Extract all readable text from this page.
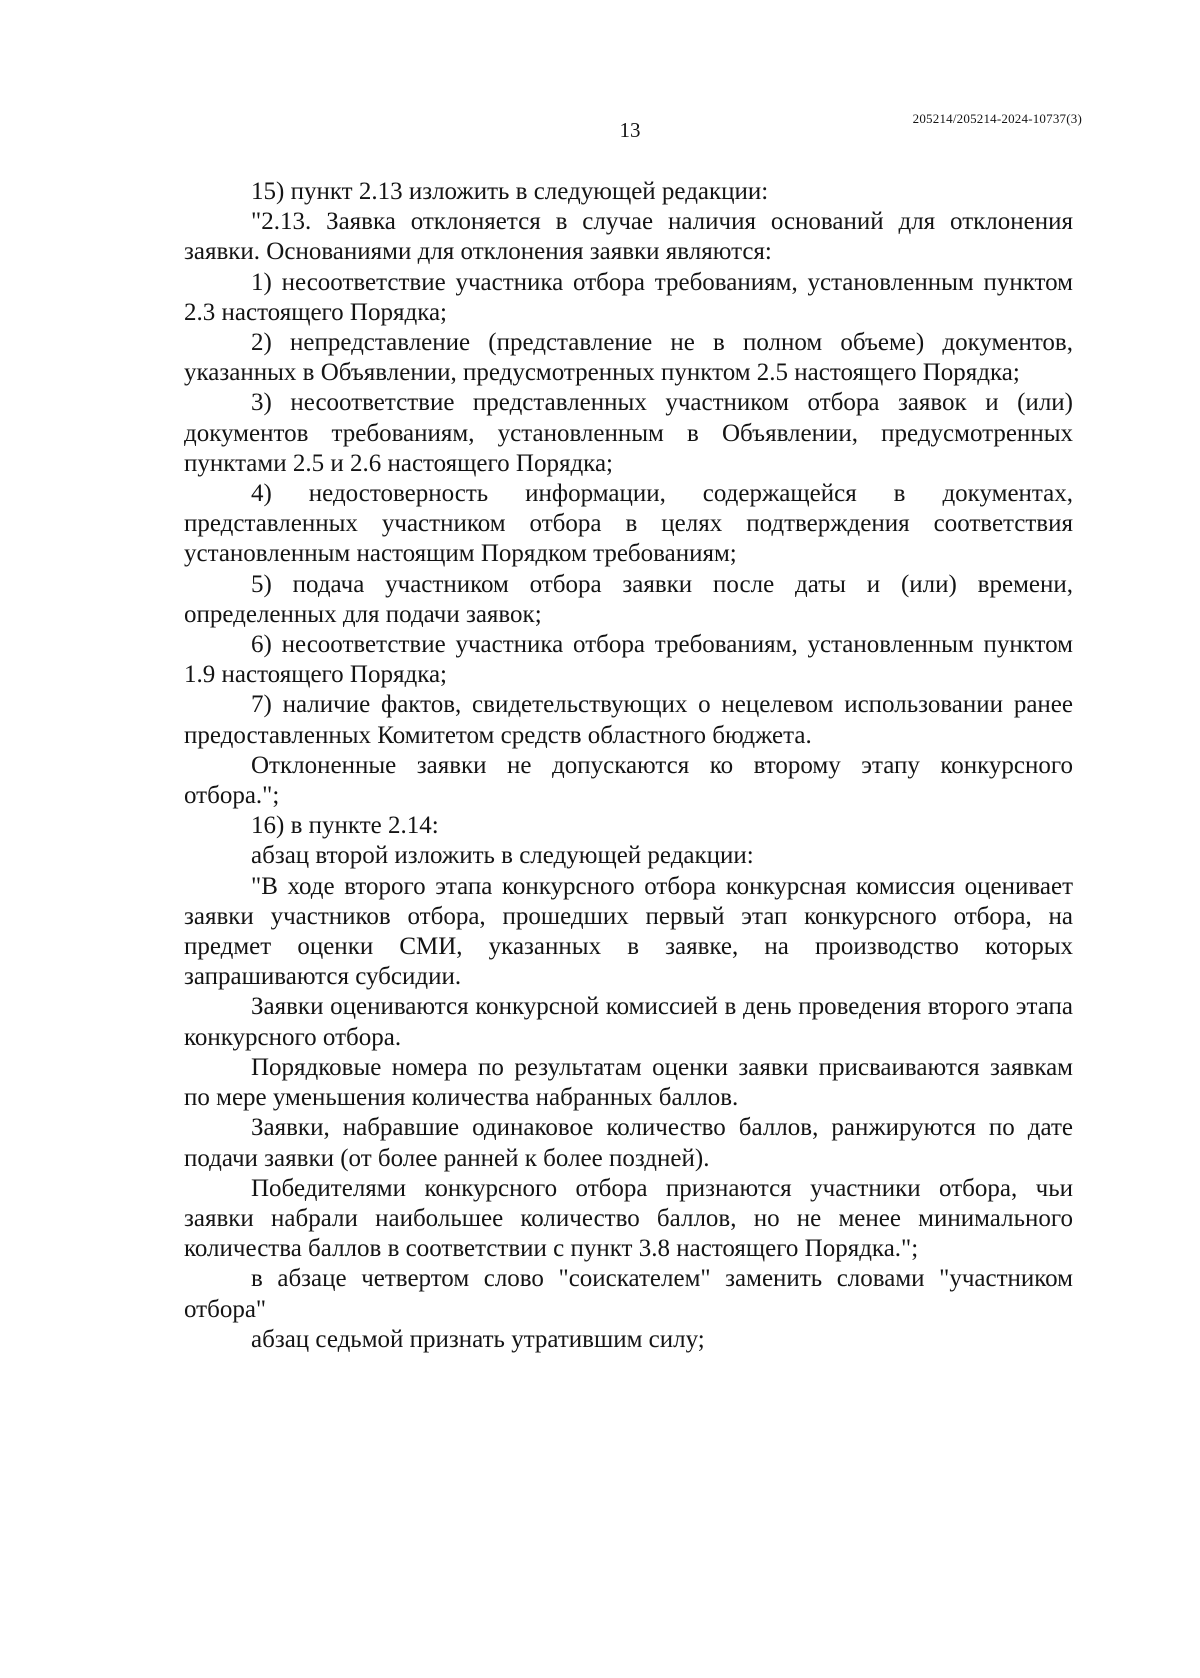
205214/205214-2024-10737(3)
13

15) пункт 2.13 изложить в следующей редакции:

"2.13. Заявка отклоняется в случае наличия оснований для отклонения заявки. Основаниями для отклонения заявки являются:

1) несоответствие участника отбора требованиям, установленным пунктом 2.3 настоящего Порядка;

2) непредставление (представление не в полном объеме) документов, указанных в Объявлении, предусмотренных пунктом 2.5 настоящего Порядка;

3) несоответствие представленных участником отбора заявок и (или) документов требованиям, установленным в Объявлении, предусмотренных пунктами 2.5 и 2.6 настоящего Порядка;

4) недостоверность информации, содержащейся в документах, представленных участником отбора в целях подтверждения соответствия установленным настоящим Порядком требованиям;

5) подача участником отбора заявки после даты и (или) времени, определенных для подачи заявок;

6) несоответствие участника отбора требованиям, установленным пунктом 1.9 настоящего Порядка;

7) наличие фактов, свидетельствующих о нецелевом использовании ранее предоставленных Комитетом средств областного бюджета.

Отклоненные заявки не допускаются ко второму этапу конкурсного отбора.";

16) в пункте 2.14:

абзац второй изложить в следующей редакции:

"В ходе второго этапа конкурсного отбора конкурсная комиссия оценивает заявки участников отбора, прошедших первый этап конкурсного отбора, на предмет оценки СМИ, указанных в заявке, на производство которых запрашиваются субсидии.

Заявки оцениваются конкурсной комиссией в день проведения второго этапа конкурсного отбора.

Порядковые номера по результатам оценки заявки присваиваются заявкам по мере уменьшения количества набранных баллов.

Заявки, набравшие одинаковое количество баллов, ранжируются по дате подачи заявки (от более ранней к более поздней).

Победителями конкурсного отбора признаются участники отбора, чьи заявки набрали наибольшее количество баллов, но не менее минимального количества баллов в соответствии с пункт 3.8 настоящего Порядка.";

в абзаце четвертом слово "соискателем" заменить словами "участником отбора"

абзац седьмой признать утратившим силу;
